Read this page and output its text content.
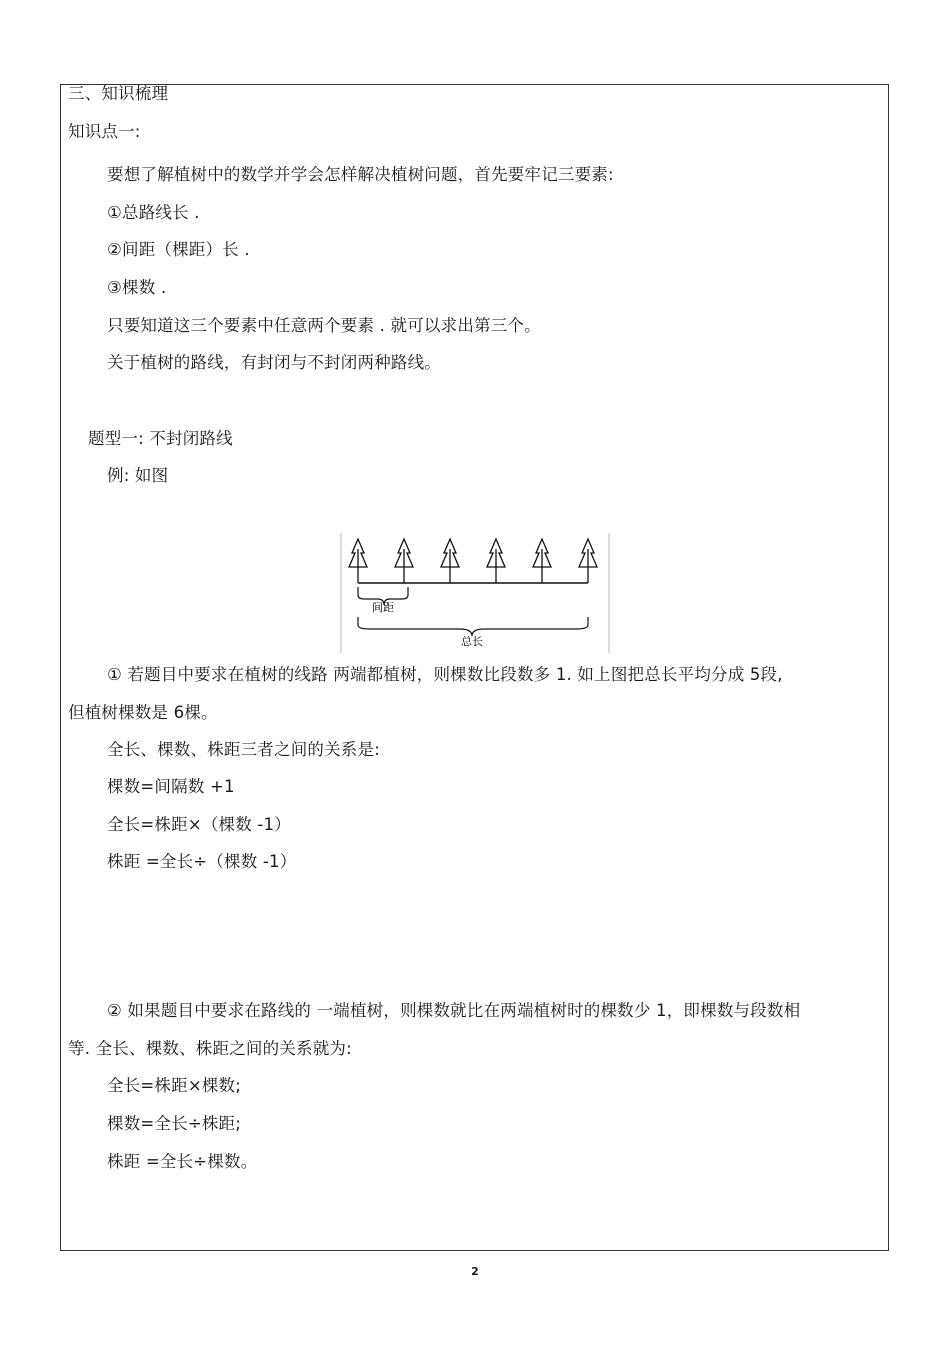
三、知识梳理
知识点一:
要想了解植树中的数学并学会怎样解决植树问题，首先要牢记三要素:
①总路线长 .
②间距（棵距）长 .
③棵数 .
只要知道这三个要素中任意两个要素 . 就可以求出第三个。
关于植树的路线，有封闭与不封闭两种路线。
题型一: 不封闭路线
例: 如图
间距
总长
① 若题目中要求在植树的线路 两端都植树，则棵数比段数多 1. 如上图把总长平均分成 5段,
但植树棵数是 6棵。
全长、棵数、株距三者之间的关系是:
棵数=间隔数 +1
全长=株距×（棵数 -1）
株距 =全长÷（棵数 -1）
② 如果题目中要求在路线的 一端植树，则棵数就比在两端植树时的棵数少 1，即棵数与段数相
等. 全长、棵数、株距之间的关系就为:
全长=株距×棵数;
棵数=全长÷株距;
株距 =全长÷棵数。
2
